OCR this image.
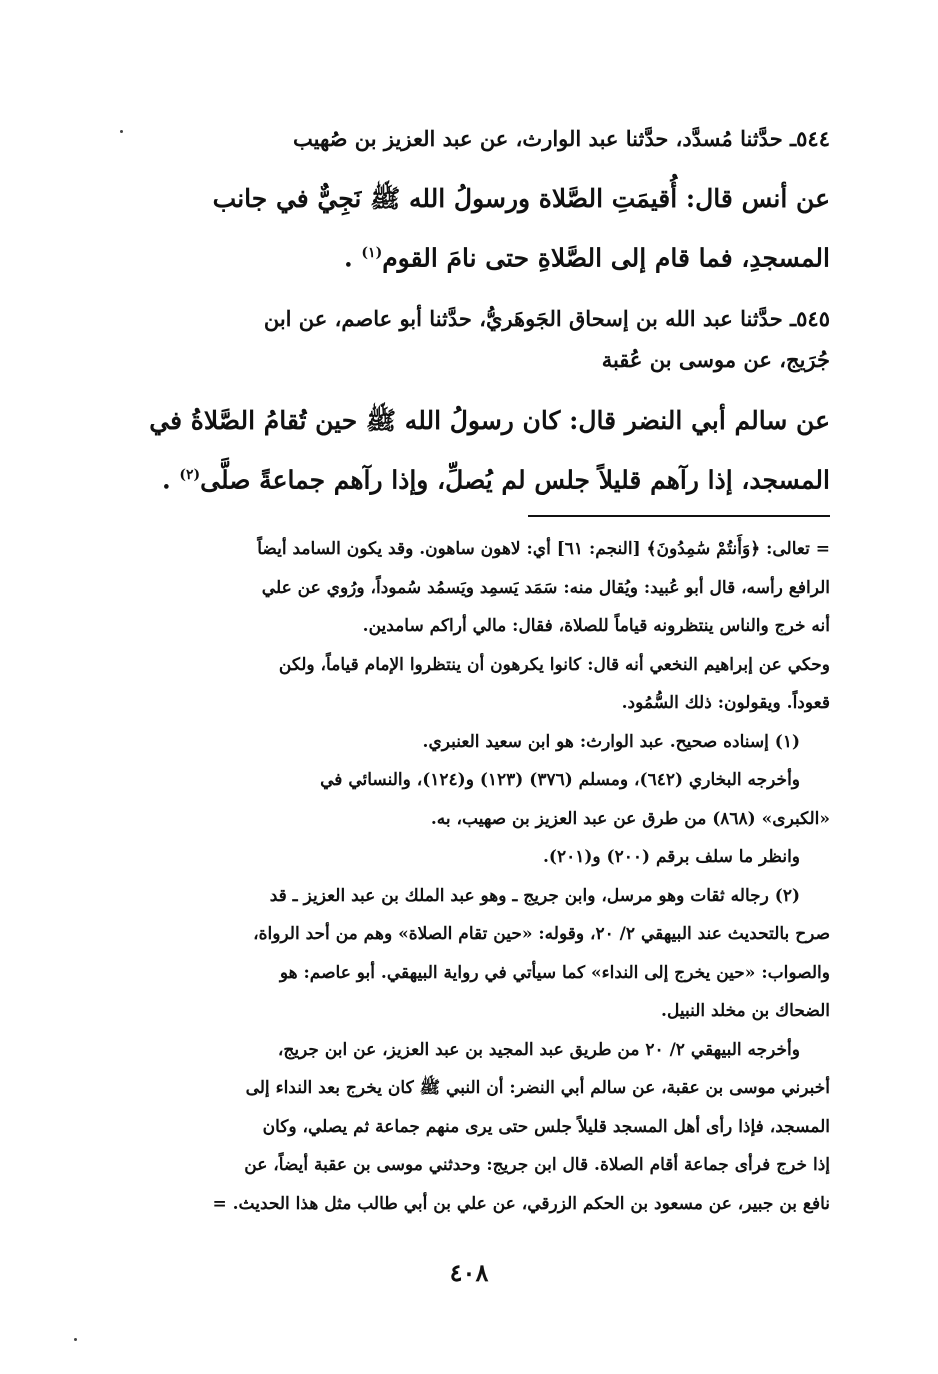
٥٤٤ـ حدَّثنا مُسدَّد، حدَّثنا عبد الوارث، عن عبد العزيز بن صُهيب
عن أنس قال: أُقيمَتِ الصَّلاة ورسولُ الله ﷺ نَجِيٌّ في جانب
المسجدِ، فما قام إلى الصَّلاةِ حتى نامَ القوم$^{(١)}$ .
٥٤٥ـ حدَّثنا عبد الله بن إسحاق الجَوهَريُّ، حدَّثنا أبو عاصم، عن ابن
جُرَيج، عن موسى بن عُقبة
عن سالم أبي النضر قال: كان رسولُ الله ﷺ حين تُقامُ الصَّلاةُ في
المسجد، إذا رآهم قليلاً جلس لم يُصلِّ، وإذا رآهم جماعةً صلَّى$^{(٢)}$ .
= تعالى: ﴿وَأَنتُمْ سَٰمِدُونَ﴾ [النجم: ٦١] أي: لاهون ساهون. وقد يكون السامد أيضاً
الرافع رأسه، قال أبو عُبيد: ويُقال منه: سَمَد يَسمِد ويَسمُد سُموداً، ورُوي عن علي
أنه خرج والناس ينتظرونه قياماً للصلاة، فقال: مالي أراكم سامدين.
وحكي عن إبراهيم النخعي أنه قال: كانوا يكرهون أن ينتظروا الإمام قياماً، ولكن
قعوداً. ويقولون: ذلك السُّمُود.
(١) إسناده صحيح. عبد الوارث: هو ابن سعيد العنبري.
وأخرجه البخاري (٦٤٢)، ومسلم (٣٧٦) (١٢٣) و(١٢٤)، والنسائي في
«الكبرى» (٨٦٨) من طرق عن عبد العزيز بن صهيب، به.
وانظر ما سلف برقم (٢٠٠) و(٢٠١).
(٢) رجاله ثقات وهو مرسل، وابن جريج ـ وهو عبد الملك بن عبد العزيز ـ قد
صرح بالتحديث عند البيهقي ٢/ ٢٠، وقوله: «حين تقام الصلاة» وهم من أحد الرواة،
والصواب: «حين يخرج إلى النداء» كما سيأتي في رواية البيهقي. أبو عاصم: هو
الضحاك بن مخلد النبيل.
وأخرجه البيهقي ٢/ ٢٠ من طريق عبد المجيد بن عبد العزيز، عن ابن جريج،
أخبرني موسى بن عقبة، عن سالم أبي النضر: أن النبي ﷺ كان يخرج بعد النداء إلى
المسجد، فإذا رأى أهل المسجد قليلاً جلس حتى يرى منهم جماعة ثم يصلي، وكان
إذا خرج فرأى جماعة أقام الصلاة. قال ابن جريج: وحدثني موسى بن عقبة أيضاً، عن
نافع بن جبير، عن مسعود بن الحكم الزرقي، عن علي بن أبي طالب مثل هذا الحديث. =
٤٠٨
